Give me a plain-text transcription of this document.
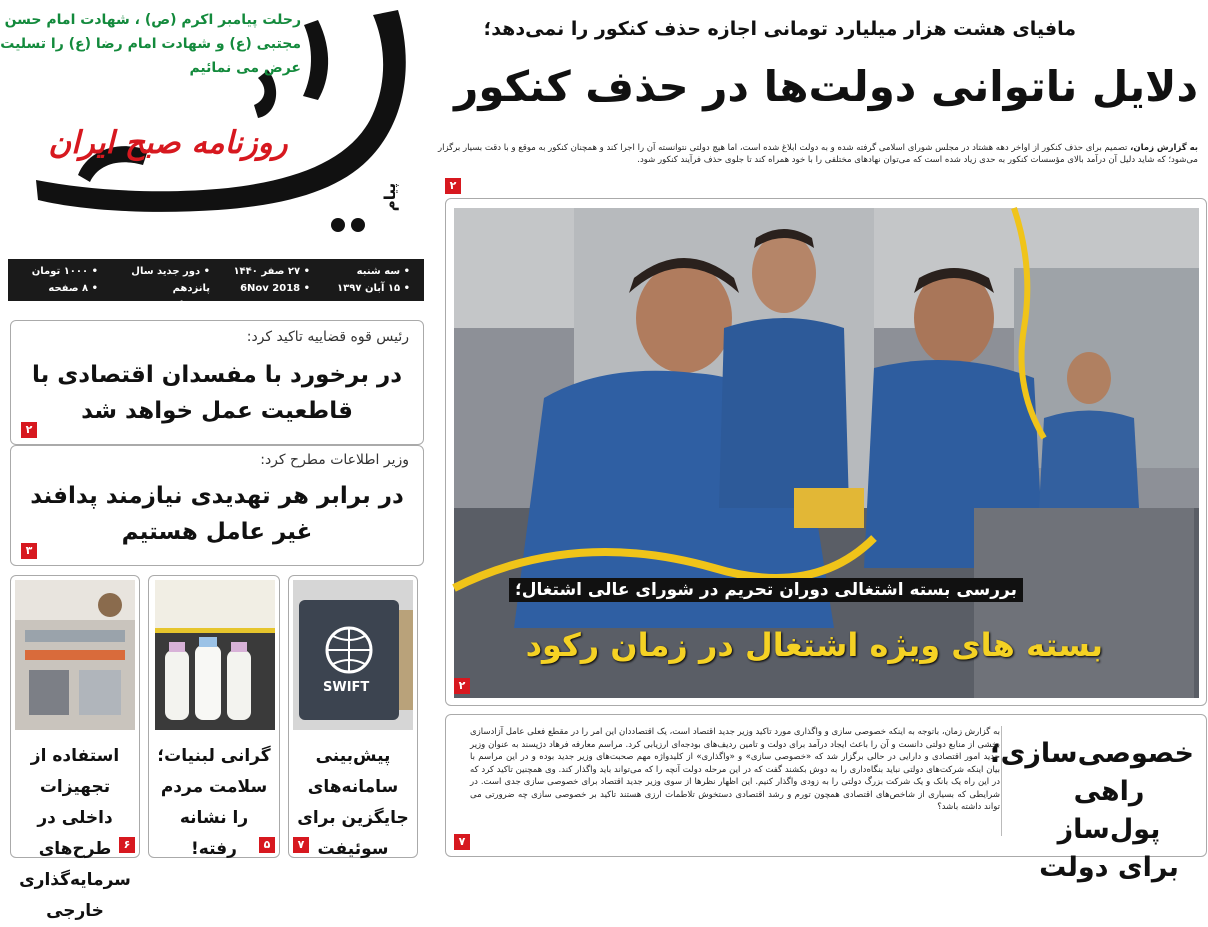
پیام
روزنامه صبح ایران

رحلت پیامبر اکرم (ص) ، شهادت امام حسن

مجتبی (ع) و شهادت امام رضا (ع) را تسلیت

عرض می نمائیم

• سه شنبه
• ۱۵ آبان ۱۳۹۷
• ۲۷ صفر ۱۴۴۰
• 6Nov 2018
• دور جدید سال پانزدهم
• شماره ۳۸۸۷
• ۱۰۰۰ تومان
• ۸ صفحه
رئیس قوه قضاییه تاکید کرد:
در برخورد با مفسدان اقتصادی با قاطعیت عمل خواهد شد
۲
وزیر اطلاعات مطرح کرد:
در برابر هر تهدیدی نیازمند پدافند غیر عامل هستیم
۳
استفاده از تجهیزات داخلی در طرح‌های سرمایه‌گذاری خارجی
۶
گرانی لبنیات؛ سلامت مردم را نشانه رفته!	۵
SWIFT
پیش‌بینی سامانه‌های جایگزین برای سوئیفت
۷
مافیای هشت هزار میلیارد تومانی اجازه حذف کنکور را نمی‌دهد؛
دلایل ناتوانی دولت‌ها در حذف کنکور
به گزارش زمان، تصمیم برای حذف کنکور از اواخر دهه هشتاد در مجلس شورای اسلامی گرفته شده و به دولت ابلاغ شده است، اما هیچ دولتی نتوانسته آن را اجرا کند و همچنان کنکور به موقع و با دقت بسیار برگزار می‌شود؛ که شاید دلیل آن درآمد بالای مؤسسات کنکور به حدی زیاد شده است که می‌توان نهادهای مختلفی را با خود همراه کند تا جلوی حذف فرآیند کنکور شود.
۲
بررسی بسته اشتغالی دوران تحریم در شورای عالی اشتغال؛
بسته های ویژه اشتغال در زمان رکود
۲
خصوصی‌سازی؛ راهی پول‌ساز برای دولت
به گزارش زمان، باتوجه به اینکه خصوصی سازی و واگذاری مورد تاکید وزیر جدید اقتصاد است، یک اقتصاددان این امر را در مقطع فعلی عامل آزادسازی بخشی از منابع دولتی دانست و آن را باعث ایجاد درآمد برای دولت و تامین ردیف‌های بودجه‌ای ارزیابی کرد. مراسم معارفه فرهاد دژپسند به عنوان وزیر جدید امور اقتصادی و دارایی در حالی برگزار شد که «خصوصی سازی» و «واگذاری» از کلیدواژه مهم صحبت‌های وزیر جدید بوده و در این مراسم با بیان اینکه شرکت‌های دولتی نباید بنگاه‌داری را به دوش بکشند گفت که در این مرحله دولت آنچه را که می‌تواند باید واگذار کند. وی همچنین تاکید کرد که در این راه یک بانک و یک شرکت بزرگ دولتی را به زودی واگذار کنیم. این اظهار نظرها از سوی وزیر جدید اقتصاد برای خصوصی سازی جدی است. در شرایطی که بسیاری از شاخص‌های اقتصادی همچون تورم و رشد اقتصادی دستخوش تلاطمات ارزی هستند تاکید بر خصوصی سازی چه ضرورتی می تواند داشته باشد؟
۷
